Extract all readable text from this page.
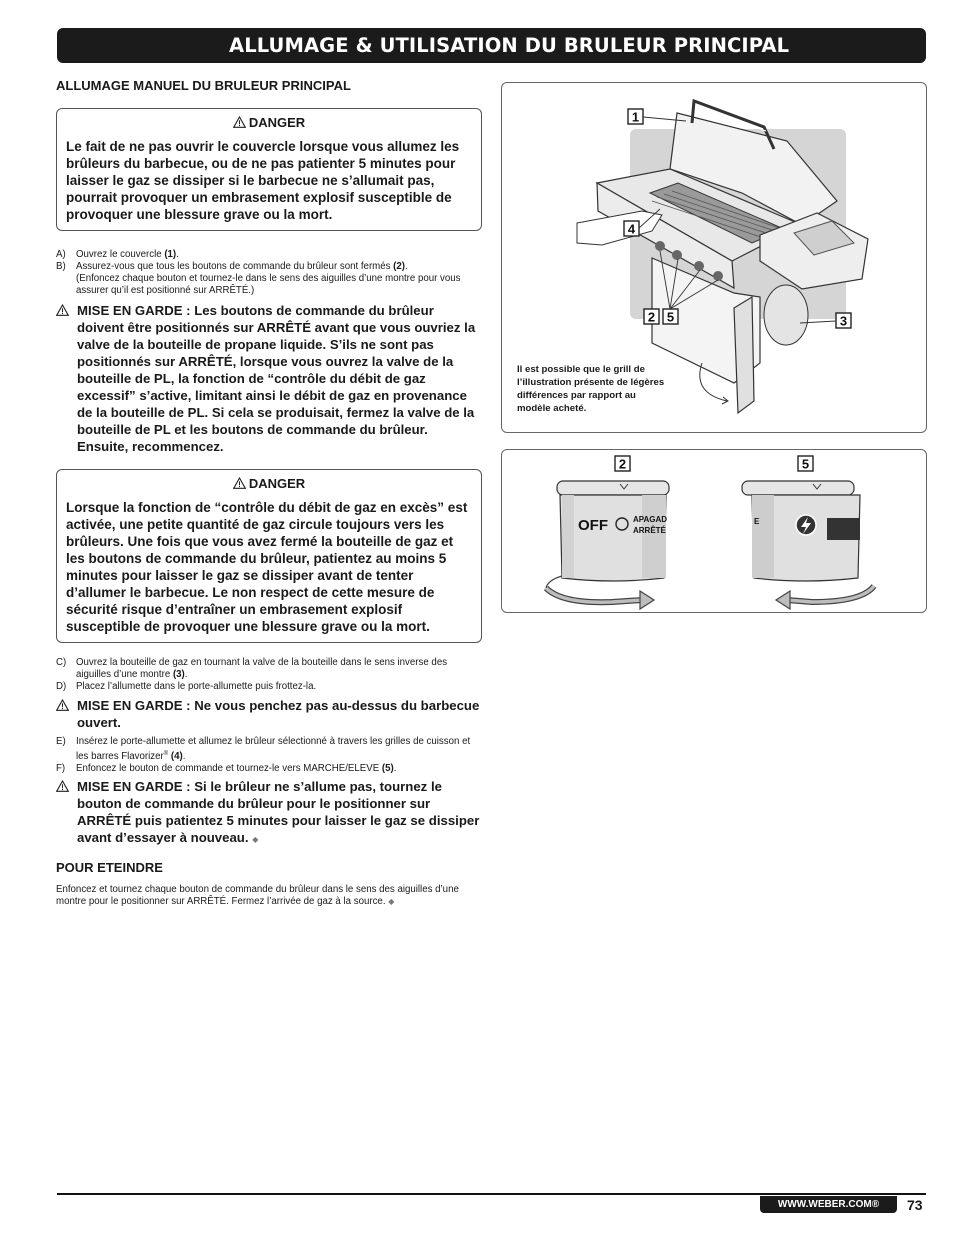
ALLUMAGE & UTILISATION DU BRULEUR PRINCIPAL
ALLUMAGE MANUEL DU BRULEUR PRINCIPAL
DANGER
Le fait de ne pas ouvrir le couvercle lorsque vous allumez les brûleurs du barbecue, ou de ne pas patienter 5 minutes pour laisser le gaz se dissiper si le barbecue ne s’allumait pas, pourrait provoquer un embrasement explosif susceptible de provoquer une blessure grave ou la mort.
A) Ouvrez le couvercle (1).
B) Assurez-vous que tous les boutons de commande du brûleur sont fermés (2).
(Enfoncez chaque bouton et tournez-le dans le sens des aiguilles d’une montre pour vous assurer qu’il est positionné sur ARRÊTÉ.)
MISE EN GARDE : Les boutons de commande du brûleur doivent être positionnés sur ARRÊTÉ avant que vous ouvriez la valve de la bouteille de propane liquide. S’ils ne sont pas positionnés sur ARRÊTÉ, lorsque vous ouvrez la valve de la bouteille de PL, la fonction de “contrôle du débit de gaz excessif” s’active, limitant ainsi le débit de gaz en provenance de la bouteille de PL. Si cela se produisait, fermez la valve de la bouteille de PL et les boutons de commande du brûleur. Ensuite, recommencez.
DANGER
Lorsque la fonction de “contrôle du débit de gaz en excès” est activée, une petite quantité de gaz circule toujours vers les brûleurs. Une fois que vous avez fermé la bouteille de gaz et les boutons de commande du brûleur, patientez au moins 5 minutes pour laisser le gaz se dissiper avant de tenter d’allumer le barbecue. Le non respect de cette mesure de sécurité risque d’entraîner un embrasement explosif susceptible de provoquer une blessure grave ou la mort.
C) Ouvrez la bouteille de gaz en tournant la valve de la bouteille dans le sens inverse des aiguilles d’une montre (3).
D) Placez l’allumette dans le porte-allumette puis frottez-la.
MISE EN GARDE : Ne vous penchez pas au-dessus du barbecue ouvert.
E) Insérez le porte-allumette et allumez le brûleur sélectionné à travers les grilles de cuisson et les barres Flavorizer® (4).
F) Enfoncez le bouton de commande et tournez-le vers MARCHE/ELEVE (5).
MISE EN GARDE : Si le brûleur ne s’allume pas, tournez le bouton de commande du brûleur pour le positionner sur ARRÊTÉ puis patientez 5 minutes pour laisser le gaz se dissiper avant d’essayer à nouveau. ◆
POUR ETEINDRE
Enfoncez et tournez chaque bouton de commande du brûleur dans le sens des aiguilles d’une montre pour le positionner sur ARRÊTÉ. Fermez l’arrivée de gaz à la source. ◆
1
4
2 5	3
Il est possible que le grill de l’illustration présente de légères différences par rapport au modèle acheté.
OFF	APAGAD
ARRÊTÉ
E
2	5
WWW.WEBER.COM®	73
